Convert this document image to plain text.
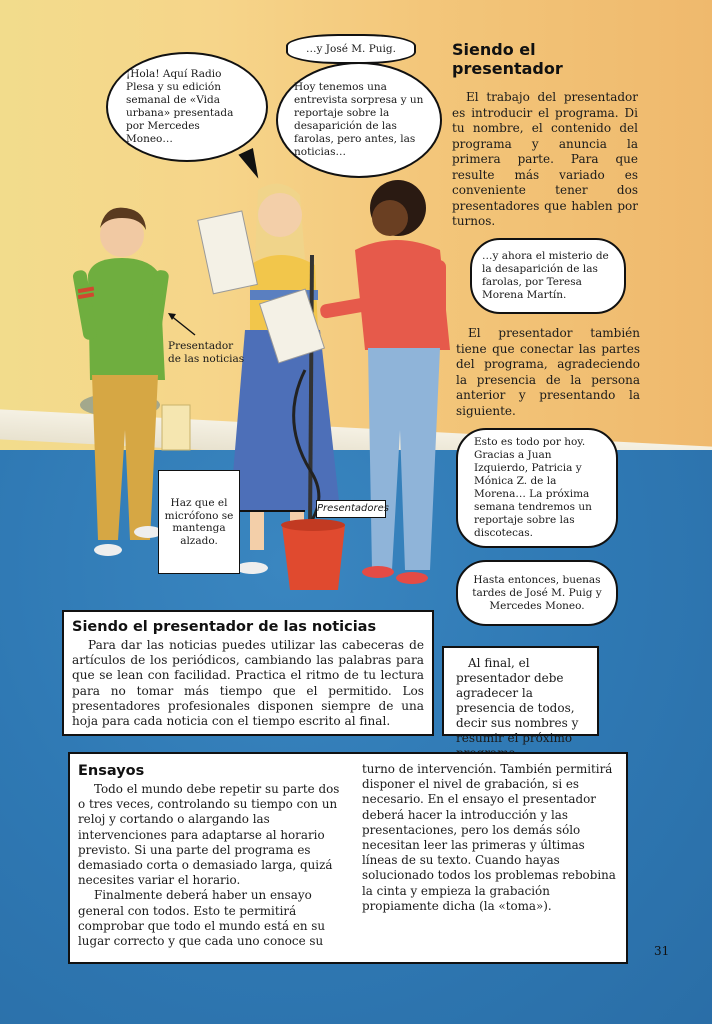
…y José M. Puig.
¡Hola! Aquí Radio Plesa y su edición semanal de «Vida urbana» presentada por Mercedes Moneo…
Hoy tenemos una entrevista sorpresa y un reportaje sobre la desaparición de las farolas, pero antes, las noticias…
Siendo el presentador

El trabajo del presentador es introducir el programa. Di tu nombre, el contenido del programa y anuncia la primera parte. Para que resulte más variado es conveniente tener dos presentadores que hablen por turnos.

…y ahora el misterio de la desaparición de las farolas, por Teresa Morena Martín.

El presentador también tiene que conectar las partes del programa, agradeciendo la presencia de la persona anterior y presentando la siguiente.

Esto es todo por hoy. Gracias a Juan Izquierdo, Patricia y Mónica Z. de la Morena… La próxima semana tendremos un reportaje sobre las discotecas.
Hasta entonces, buenas tardes de José M. Puig y Mercedes Moneo.
Presentador de las noticias
Haz que el micrófono se mantenga alzado.
Presentadores
Siendo el presentador de las noticias

Para dar las noticias puedes utilizar las cabeceras de artículos de los periódicos, cambiando las palabras para que se lean con facilidad. Practica el ritmo de tu lectura para no tomar más tiempo que el permitido. Los presentadores profesionales disponen siempre de una hoja para cada noticia con el tiempo escrito al final.

Al final, el presentador debe agradecer la presencia de todos, decir sus nombres y resumir el próximo

Ensayos

Todo el mundo debe repetir su parte dos o tres veces, controlando su tiempo con un reloj y cortando o alargando las intervenciones para adaptarse al horario previsto. Si una parte del programa es demasiado corta o demasiado larga, quizá necesites variar el horario.

Finalmente deberá haber un ensayo general con todos. Esto te permitirá comprobar que todo el mundo está en su lugar correcto y que cada uno conoce su

turno de intervención. También permitirá disponer el nivel de grabación, si es necesario. En el ensayo el presentador deberá hacer la introducción y las presentaciones, pero los demás sólo necesitan leer las primeras y últimas líneas de su texto. Cuando hayas solucionado todos los problemas rebobina la cinta y empieza la grabación propiamente dicha (la «toma»).

31
